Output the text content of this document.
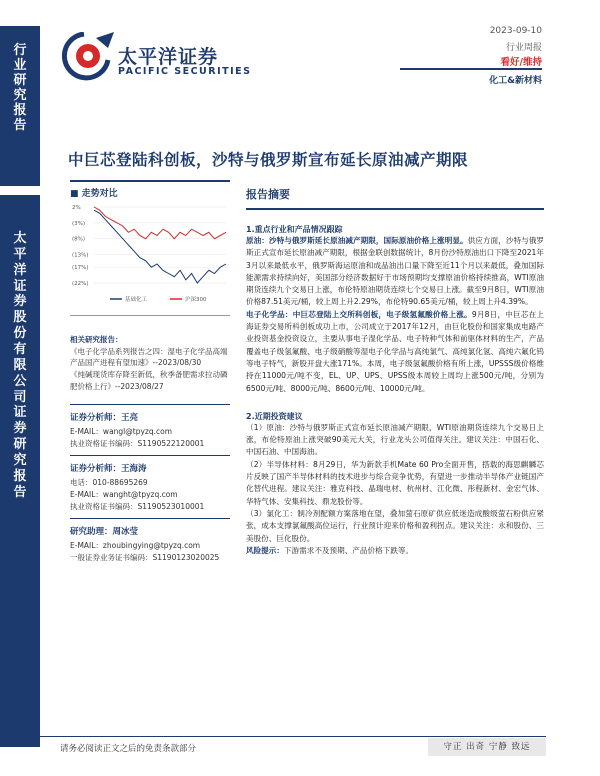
行
业
研
究
报
告
太
平
洋
证
券
股
份
有
限
公
司
证
券
研
究
报
告
太平洋证券
PACIFIC SECURITIES
2023-09-10
行业周报
看好/维持
化工&新材料
中巨芯登陆科创板，沙特与俄罗斯宣布延长原油减产期限
■ 走势对比
2%
(3%)
(8%)
(13%)
(17%)
(22%)
基础化工	沪深300
相关研究报告：
《电子化学品系列报告之四：湿电子化学品高端产品国产进程有望加速》--2023/08/30
《纯碱现货库存降至新低，秋季备肥需求拉动磷肥价格上行》--2023/08/27
证券分析师：王亮
E-MAIL：wangl@tpyzq.com
执业资格证书编码：S1190522120001
证券分析师：王海涛
电话：010-88695269
E-MAIL：wanght@tpyzq.com
执业资格证书编码：S1190523010001
研究助理：周冰莹
E-MAIL：zhoubingying@tpyzq.com
一般证券业务证书编码：S1190123020025
报告摘要
1.重点行业和产品情况跟踪
原油：沙特与俄罗斯延长原油减产期限，国际原油价格上涨明显。供应方面，沙特与俄罗斯正式宣布延长原油减产期限，根据金联创数据统计，8月份沙特原油出口下降至2021年3月以来最低水平，俄罗斯海运原油和成品油出口量下降至近11个月以来最低，叠加国际能源需求持续向好，美国部分经济数据好于市场预期均支撑原油价格持续推高，WTI原油期货连续九个交易日上涨，布伦特原油期货连续七个交易日上涨。截至9月8日，WTI原油价格87.51美元/桶，较上周上升2.29%，布伦特90.65美元/桶，较上周上升4.39%。
电子化学品：中巨芯登陆上交所科创板，电子级氢氟酸价格上涨。9月8日，中巨芯在上海证券交易所科创板成功上市，公司成立于2017年12月，由巨化股份和国家集成电路产业投资基金投资设立，主要从事电子湿化学品、电子特种气体和前驱体材料的生产，产品覆盖电子级氢氟酸、电子级硝酸等湿电子化学品与高纯氯气、高纯氯化氢、高纯六氟化钨等电子特气，新股开盘大涨171%。本周，电子级氢氟酸价格有所上涨，UPSSS级价格维持在11000元/吨不变，EL、UP、UPS、UPSS级本周较上周均上涨500元/吨，分别为6500元/吨、8000元/吨、8600元/吨、10000元/吨。
2.近期投资建议
（1）原油：沙特与俄罗斯正式宣布延长原油减产期限，WTI原油期货连续九个交易日上涨，布伦特原油上涨突破90美元大关，行业龙头公司值得关注。建议关注：中国石化、中国石油、中国海油。
（2）半导体材料：8月29日，华为新款手机Mate 60 Pro全面开售，搭载的海思麒麟芯片反映了国产半导体材料的技术进步与综合竞争优势，有望进一步推动半导体产业链国产化替代进程。建议关注：雅克科技、晶瑞电材、杭州材、江化微、彤程新材、金宏气体、华特气体、安集科技、鼎龙股份等。
（3）氯化工：制冷剂配额方案落地在望，叠加萤石原矿供应低迷造成酸级萤石粉供应紧张，成本支撑氯氟酸高位运行，行业预计迎来价格和盈利拐点。建议关注：永和股份、三美股份、巨化股份。
风险提示：下游需求不及预期、产品价格下跌等。
请务必阅读正文之后的免责条款部分	守正 出奇 宁静 致远
